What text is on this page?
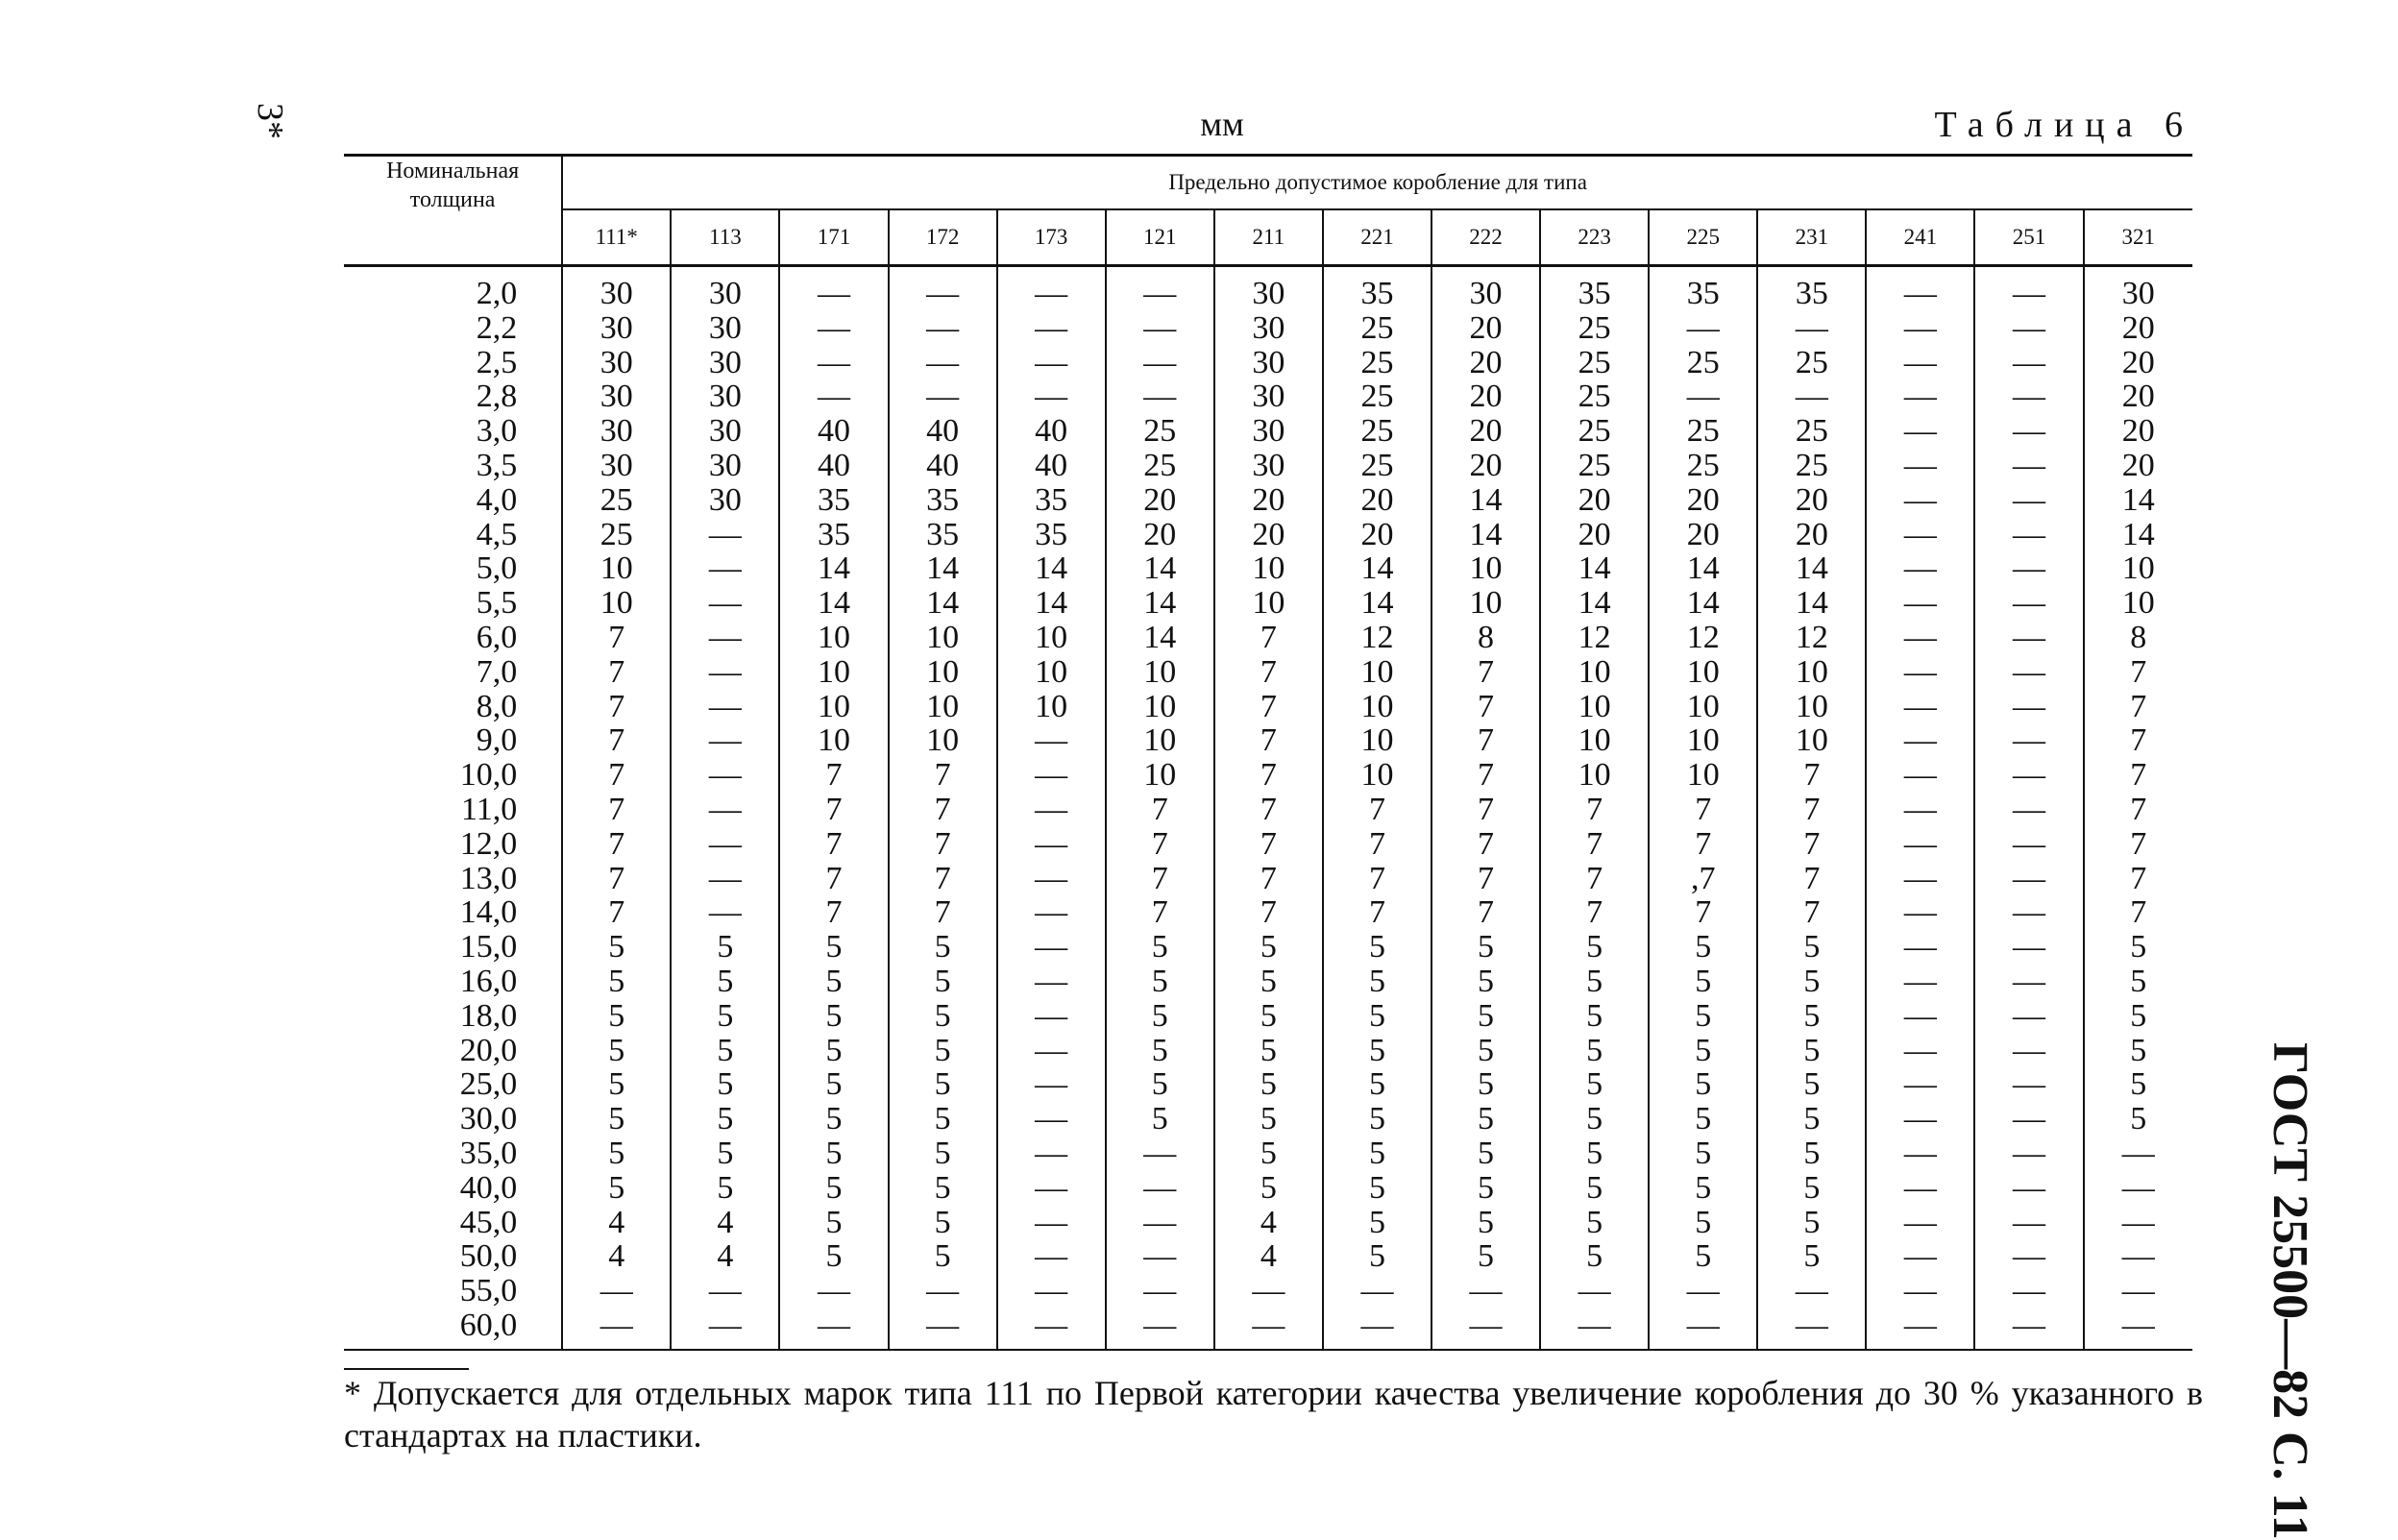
3*	мм	Таблица 6
ГОСТ 25500—82 С. 11
Номинальная толщина	Предельно допустимое коробление для типа														
	111*	113	171	172	173	121	211	221	222	223	225	231	241	251	321
2,0	30	30	—	—	—	—	30	35	30	35	35	35	—	—	30
2,2	30	30	—	—	—	—	30	25	20	25	—	—	—	—	20
2,5	30	30	—	—	—	—	30	25	20	25	25	25	—	—	20
2,8	30	30	—	—	—	—	30	25	20	25	—	—	—	—	20
3,0	30	30	40	40	40	25	30	25	20	25	25	25	—	—	20
3,5	30	30	40	40	40	25	30	25	20	25	25	25	—	—	20
4,0	25	30	35	35	35	20	20	20	14	20	20	20	—	—	14
4,5	25	—	35	35	35	20	20	20	14	20	20	20	—	—	14
5,0	10	—	14	14	14	14	10	14	10	14	14	14	—	—	10
5,5	10	—	14	14	14	14	10	14	10	14	14	14	—	—	10
6,0	7	—	10	10	10	14	7	12	8	12	12	12	—	—	8
7,0	7	—	10	10	10	10	7	10	7	10	10	10	—	—	7
8,0	7	—	10	10	10	10	7	10	7	10	10	10	—	—	7
9,0	7	—	10	10	—	10	7	10	7	10	10	10	—	—	7
10,0	7	—	7	7	—	10	7	10	7	10	10	7	—	—	7
11,0	7	—	7	7	—	7	7	7	7	7	7	7	—	—	7
12,0	7	—	7	7	—	7	7	7	7	7	7	7	—	—	7
13,0	7	—	7	7	—	7	7	7	7	7	,7	7	—	—	7
14,0	7	—	7	7	—	7	7	7	7	7	7	7	—	—	7
15,0	5	5	5	5	—	5	5	5	5	5	5	5	—	—	5
16,0	5	5	5	5	—	5	5	5	5	5	5	5	—	—	5
18,0	5	5	5	5	—	5	5	5	5	5	5	5	—	—	5
20,0	5	5	5	5	—	5	5	5	5	5	5	5	—	—	5
25,0	5	5	5	5	—	5	5	5	5	5	5	5	—	—	5
30,0	5	5	5	5	—	5	5	5	5	5	5	5	—	—	5
35,0	5	5	5	5	—	—	5	5	5	5	5	5	—	—	—
40,0	5	5	5	5	—	—	5	5	5	5	5	5	—	—	—
45,0	4	4	5	5	—	—	4	5	5	5	5	5	—	—	—
50,0	4	4	5	5	—	—	4	5	5	5	5	5	—	—	—
55,0	—	—	—	—	—	—	—	—	—	—	—	—	—	—	—
60,0	—	—	—	—	—	—	—	—	—	—	—	—	—	—	—
* Допускается для отдельных марок типа 111 по Первой категории качества увеличение коробления до 30 % указанного в стандартах на пластики.
